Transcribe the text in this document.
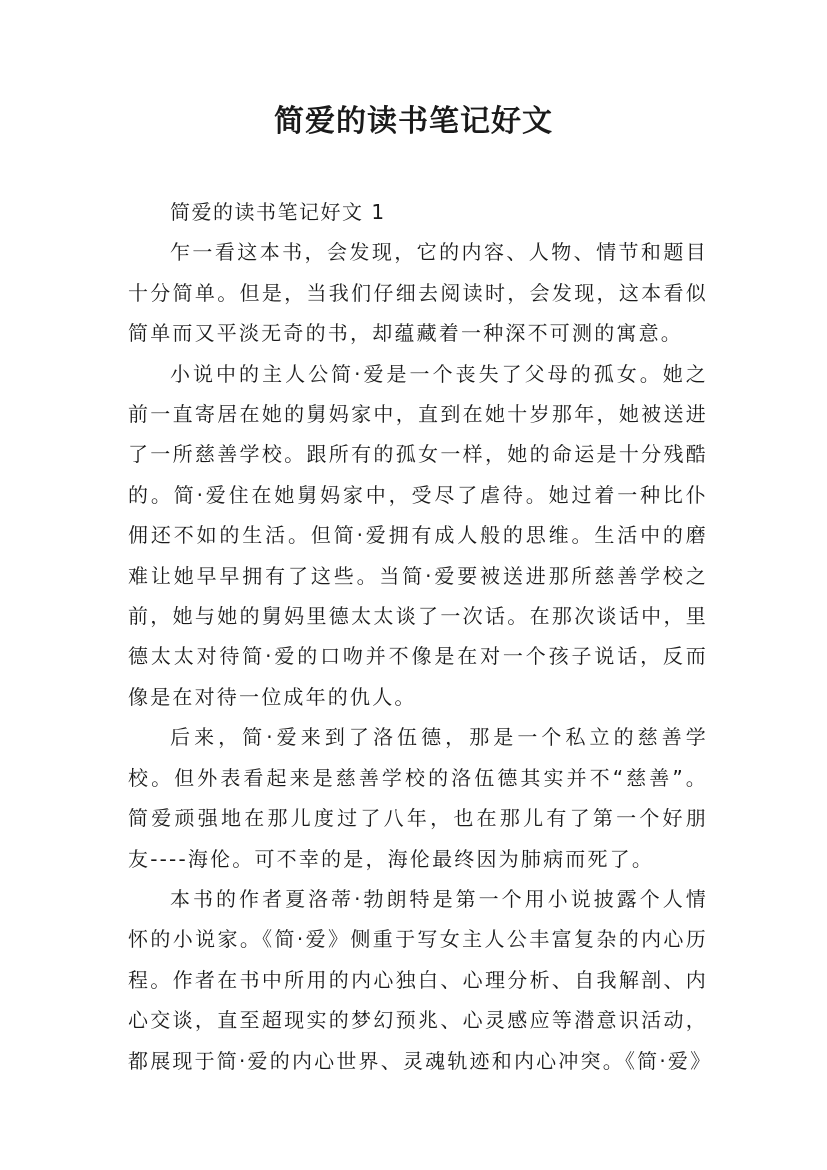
简爱的读书笔记好文

简爱的读书笔记好文 1

乍一看这本书，会发现，它的内容、人物、情节和题目十分简单。但是，当我们仔细去阅读时，会发现，这本看似简单而又平淡无奇的书，却蕴藏着一种深不可测的寓意。

小说中的主人公简·爱是一个丧失了父母的孤女。她之前一直寄居在她的舅妈家中，直到在她十岁那年，她被送进了一所慈善学校。跟所有的孤女一样，她的命运是十分残酷的。简·爱住在她舅妈家中，受尽了虐待。她过着一种比仆佣还不如的生活。但简·爱拥有成人般的思维。生活中的磨难让她早早拥有了这些。当简·爱要被送进那所慈善学校之前，她与她的舅妈里德太太谈了一次话。在那次谈话中，里德太太对待简·爱的口吻并不像是在对一个孩子说话，反而像是在对待一位成年的仇人。

后来，简·爱来到了洛伍德，那是一个私立的慈善学校。但外表看起来是慈善学校的洛伍德其实并不“慈善”。简爱顽强地在那儿度过了八年，也在那儿有了第一个好朋友----海伦。可不幸的是，海伦最终因为肺病而死了。

本书的作者夏洛蒂·勃朗特是第一个用小说披露个人情怀的小说家。《简·爱》侧重于写女主人公丰富复杂的内心历程。作者在书中所用的内心独白、心理分析、自我解剖、内心交谈，直至超现实的梦幻预兆、心灵感应等潜意识活动，都展现于简·爱的内心世界、灵魂轨迹和内心冲突。《简·爱》
